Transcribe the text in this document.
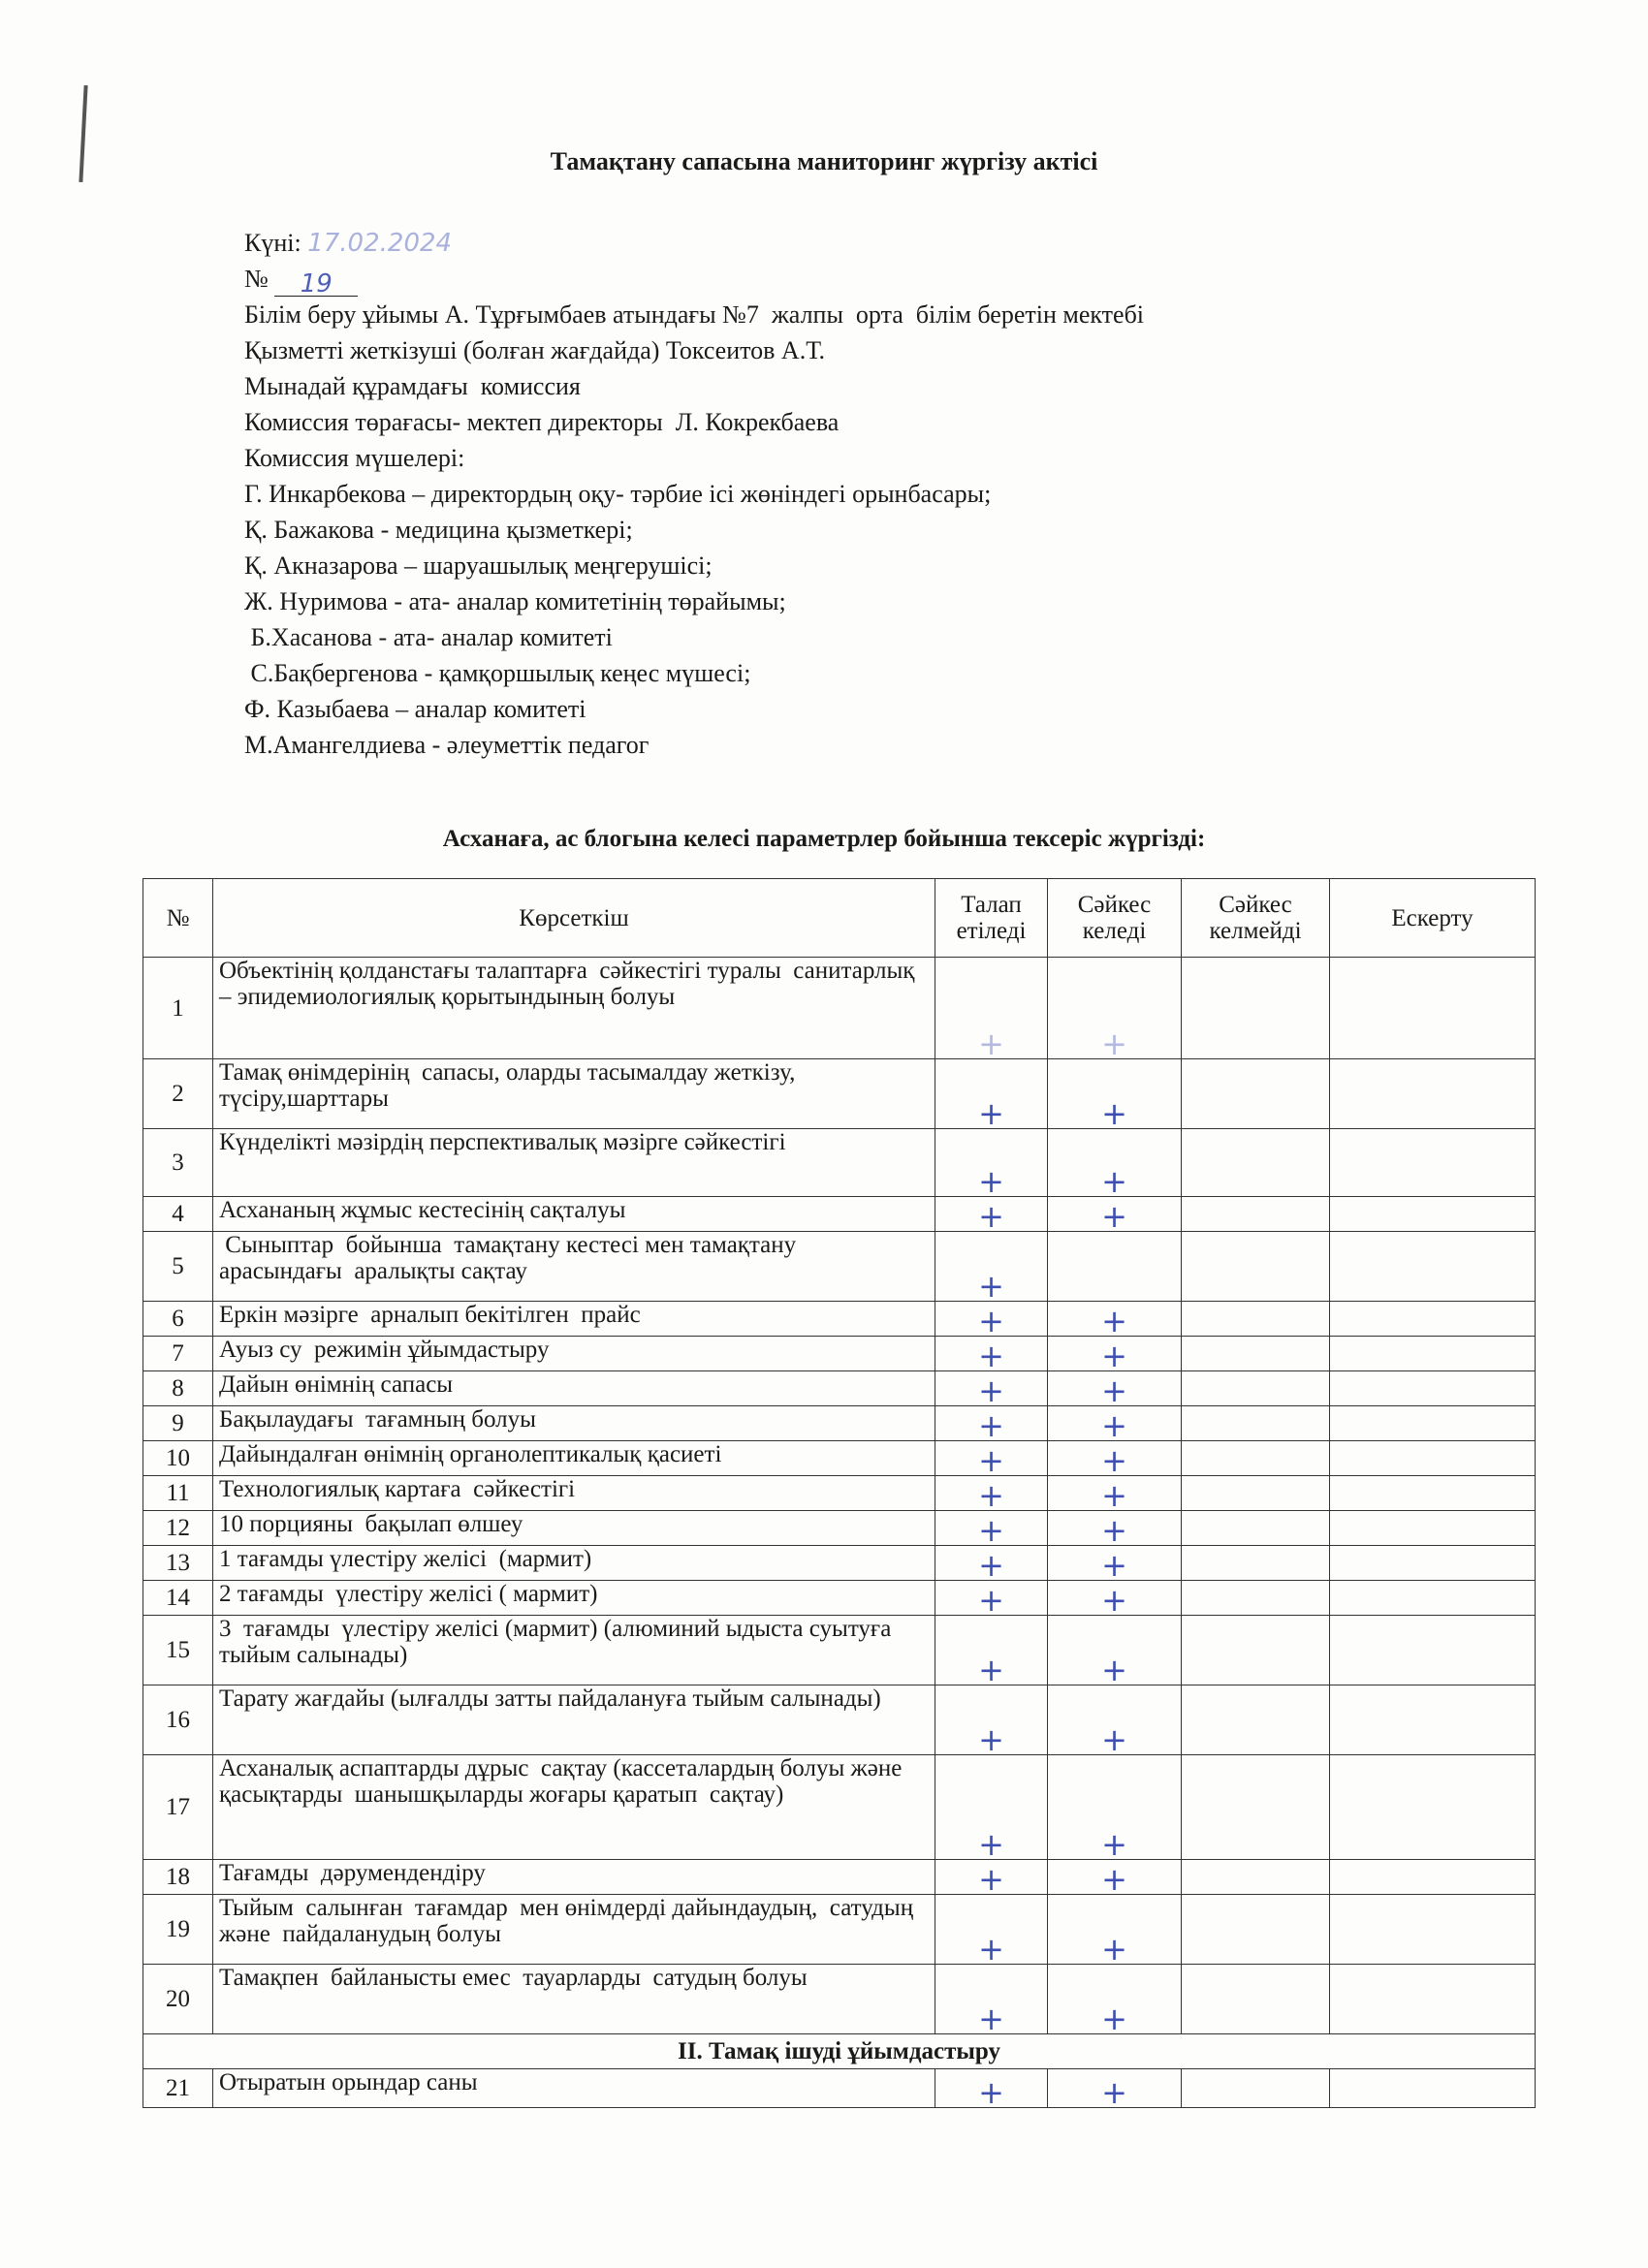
Тамақтану сапасына маниторинг жүргізу актісі
Күні: 17.02.2024
№ 19
Білім беру ұйымы А. Тұрғымбаев атындағы №7  жалпы  орта  білім беретін мектебі
Қызметті жеткізуші (болған жағдайда) Токсеитов А.Т.
Мынадай құрамдағы  комиссия
Комиссия төрағасы- мектеп директоры  Л. Кокрекбаева
Комиссия мүшелері:
Г. Инкарбекова – директордың оқу- тәрбие ісі жөніндегі орынбасары;
Қ. Бажакова - медицина қызметкері;
Қ. Акназарова – шаруашылық меңгерушісі;
Ж. Нуримова - ата- аналар комитетінің төрайымы;
Б.Хасанова - ата- аналар комитеті
С.Бақбергенова - қамқоршылық кеңес мүшесі;
Ф. Казыбаева – аналар комитеті
М.Амангелдиева - әлеуметтік педагог
Асханаға, ас блогына келесі параметрлер бойынша тексеріс жүргізді:
№	Көрсеткіш	Талап етіледі	Сәйкес келеді	Сәйкес келмейді	Ескерту
1	Объектінің қолданстағы талаптарға  сәйкестігі туралы  санитарлық – эпидемиологиялық қорытындының болуы	+	+		
2	Тамақ өнімдерінің  сапасы, оларды тасымалдау жеткізу, түсіру,шарттары	+	+		
3	Күнделікті мәзірдің перспективалық мәзірге сәйкестігі	+	+		
4	Асхананың жұмыс кестесінің сақталуы	+	+		
5	Сыныптар  бойынша  тамақтану кестесі мен тамақтану  арасындағы  аралықты сақтау	+			
6	Еркін мәзірге  арналып бекітілген  прайс	+	+		
7	Ауыз су  режимін ұйымдастыру	+	+		
8	Дайын өнімнің сапасы	+	+		
9	Бақылаудағы  тағамның болуы	+	+		
10	Дайындалған өнімнің органолептикалық қасиеті	+	+		
11	Технологиялық картаға  сәйкестігі	+	+		
12	10 порцияны  бақылап өлшеу	+	+		
13	1 тағамды үлестіру желісі  (мармит)	+	+		
14	2 тағамды  үлестіру желісі ( мармит)	+	+		
15	3  тағамды  үлестіру желісі (мармит) (алюминий ыдыста суытуға тыйым салынады)	+	+		
16	Тарату жағдайы (ылғалды затты пайдалануға тыйым салынады)	+	+		
17	Асханалық аспаптарды дұрыс  сақтау (кассеталардың болуы және қасықтарды  шанышқыларды жоғары қаратып  сақтау)	+	+		
18	Тағамды  дәрумендендіру	+	+		
19	Тыйым  салынған  тағамдар  мен өнімдерді дайындаудың,  сатудың  және  пайдаланудың болуы	+	+		
20	Тамақпен  байланысты емес  тауарларды  сатудың болуы	+	+		
ІІ. Тамақ ішуді ұйымдастыру					
21	Отыратын орындар саны	+	+		
